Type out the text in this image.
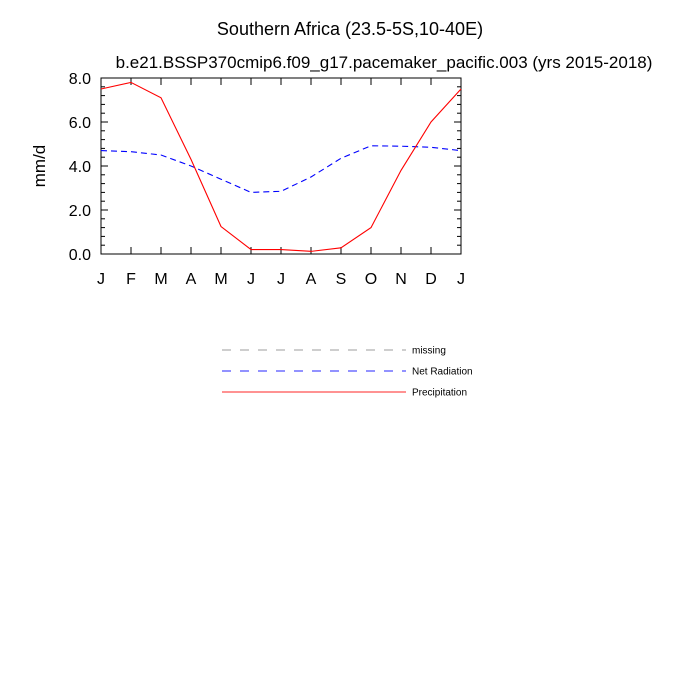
Southern Africa (23.5-5S,10-40E)
b.e21.BSSP370cmip6.f09_g17.pacemaker_pacific.003 (yrs 2015-2018)
mm/d
J F M A M J J A S O N D J
0.0
2.0
4.0
6.0
8.0
missing
Net Radiation
Precipitation
